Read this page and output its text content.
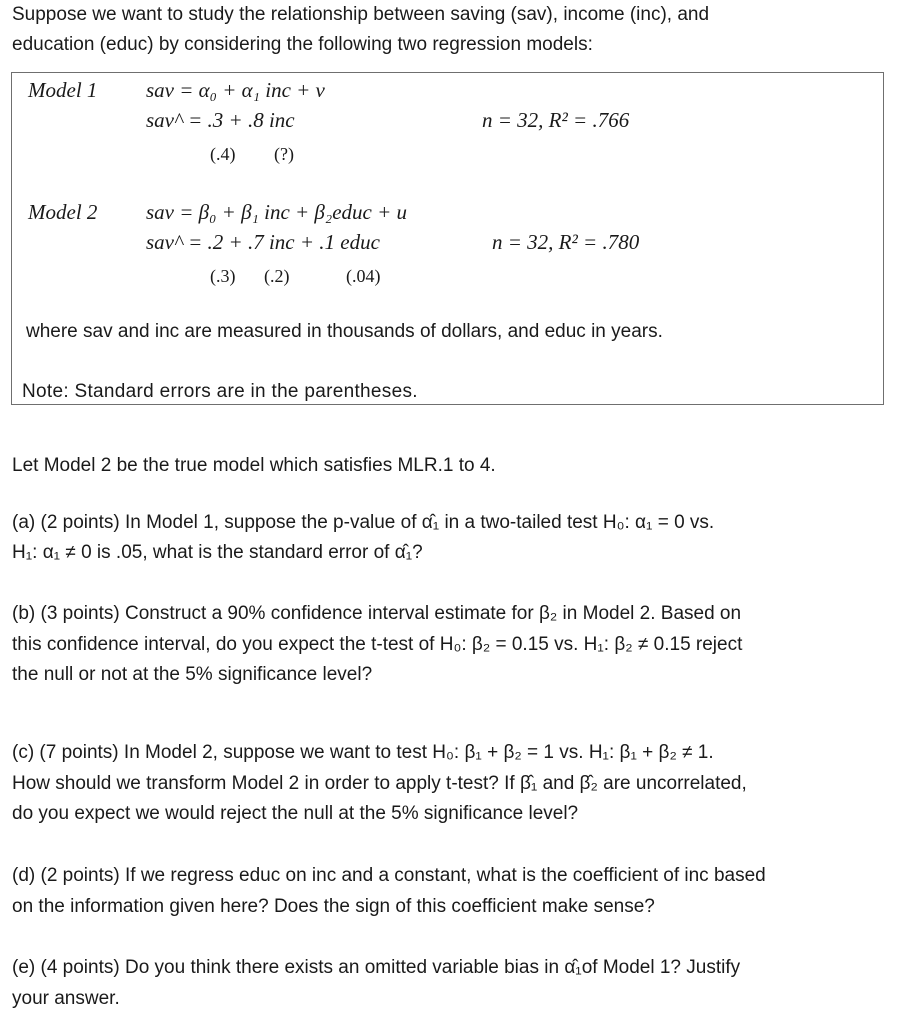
Suppose we want to study the relationship between saving (sav), income (inc), and
education (educ) by considering the following two regression models:
Model 1 sav = α₀ + α₁ inc + v
sav^ = .3 + .8 inc	n = 32, R² = .766
(.4) (?)
Model 2 sav = β₀ + β₁ inc + β₂educ + u
sav^ = .2 + .7 inc + .1 educ	n = 32, R² = .780
(.3) (.2)	(.04)
where sav and inc are measured in thousands of dollars, and educ in years.
Note: Standard errors are in the parentheses.
Let Model 2 be the true model which satisfies MLR.1 to 4.
(a) (2 points) In Model 1, suppose the p-value of α̂₁ in a two-tailed test H₀: α₁ = 0 vs.
H₁: α₁ ≠ 0 is .05, what is the standard error of α̂₁?
(b) (3 points) Construct a 90% confidence interval estimate for β₂ in Model 2. Based on
this confidence interval, do you expect the t-test of H₀: β₂ = 0.15 vs. H₁: β₂ ≠ 0.15 reject
the null or not at the 5% significance level?
(c) (7 points) In Model 2, suppose we want to test H₀: β₁ + β₂ = 1 vs. H₁: β₁ + β₂ ≠ 1.
How should we transform Model 2 in order to apply t-test? If β̂₁ and β̂₂ are uncorrelated,
do you expect we would reject the null at the 5% significance level?
(d) (2 points) If we regress educ on inc and a constant, what is the coefficient of inc based
on the information given here? Does the sign of this coefficient make sense?
(e) (4 points) Do you think there exists an omitted variable bias in α̂₁of Model 1? Justify
your answer.
